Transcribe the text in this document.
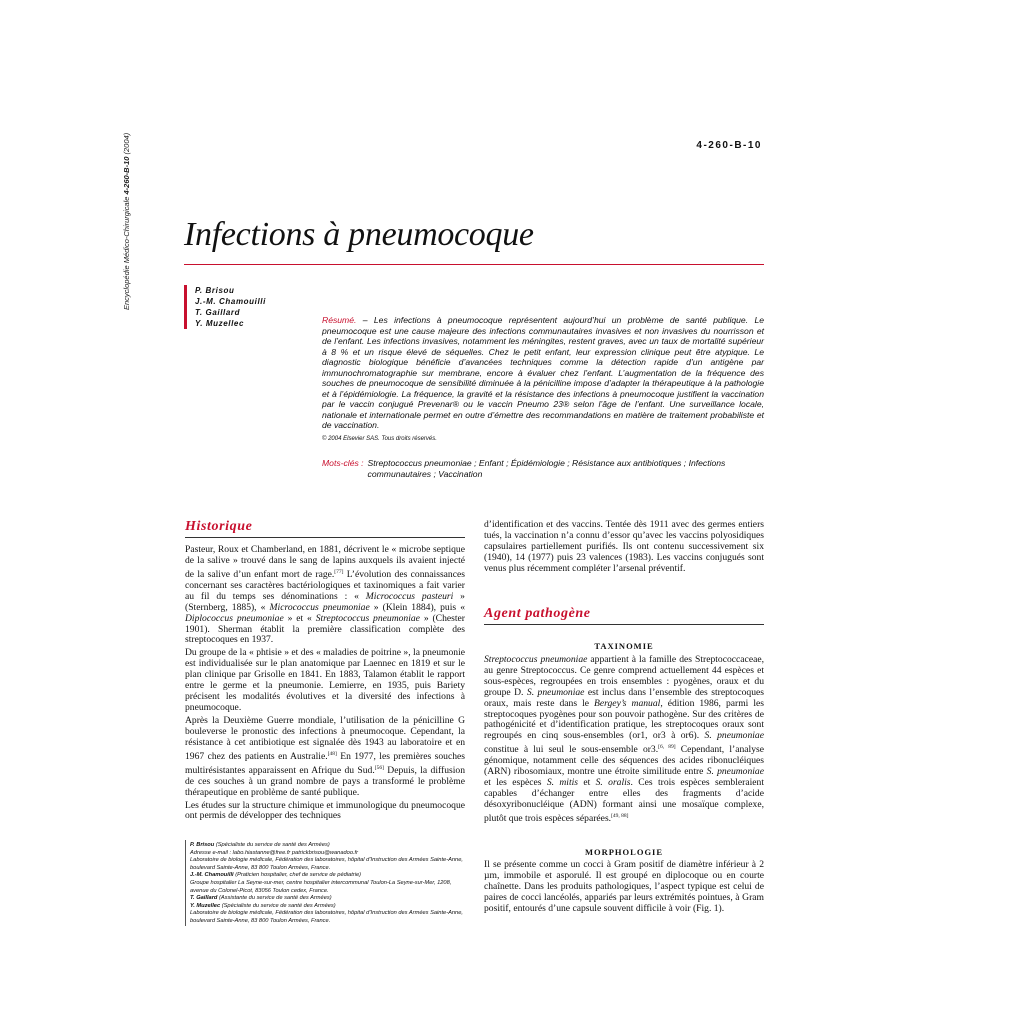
Encyclopédie Médico-Chirurgicale 4-260-B-10 (2004)	4-260-B-10
Infections à pneumocoque
P. Brisou
J.-M. Chamouilli
T. Gaillard
Y. Muzellec	Résumé. – Les infections à pneumocoque représentent aujourd’hui un problème de santé publique. Le pneumocoque est une cause majeure des infections communautaires invasives et non invasives du nourrisson et de l’enfant. Les infections invasives, notamment les méningites, restent graves, avec un taux de mortalité supérieur à 8 % et un risque élevé de séquelles. Chez le petit enfant, leur expression clinique peut être atypique. Le diagnostic biologique bénéficie d’avancées techniques comme la détection rapide d’un antigène par immunochromatographie sur membrane, encore à évaluer chez l’enfant. L’augmentation de la fréquence des souches de pneumocoque de sensibilité diminuée à la pénicilline impose d’adapter la thérapeutique à la pathologie et à l’épidémiologie. La fréquence, la gravité et la résistance des infections à pneumocoque justifient la vaccination par le vaccin conjugué Prevenar® ou le vaccin Pneumo 23® selon l’âge de l’enfant. Une surveillance locale, nationale et internationale permet en outre d’émettre des recommandations en matière de traitement probabiliste et de vaccination.
© 2004 Elsevier SAS. Tous droits réservés.
Mots-clés : Streptococcus pneumoniae ; Enfant ; Épidémiologie ; Résistance aux antibiotiques ; Infections communautaires ; Vaccination
Historique

Pasteur, Roux et Chamberland, en 1881, décrivent le « microbe septique de la salive » trouvé dans le sang de lapins auxquels ils avaient injecté de la salive d’un enfant mort de rage.[77] L’évolution des connaissances concernant ses caractères bactériologiques et taxinomiques a fait varier au fil du temps ses dénominations : « Micrococcus pasteuri » (Sternberg, 1885), « Micrococcus pneumoniae » (Klein 1884), puis « Diplococcus pneumoniae » et « Streptococcus pneumoniae » (Chester 1901). Sherman établit la première classification complète des streptocoques en 1937.

Du groupe de la « phtisie » et des « maladies de poitrine », la pneumonie est individualisée sur le plan anatomique par Laennec en 1819 et sur le plan clinique par Grisolle en 1841. En 1883, Talamon établit le rapport entre le germe et la pneumonie. Lemierre, en 1935, puis Bariety précisent les modalités évolutives et la diversité des infections à pneumocoque.

Après la Deuxième Guerre mondiale, l’utilisation de la pénicilline G bouleverse le pronostic des infections à pneumocoque. Cependant, la résistance à cet antibiotique est signalée dès 1943 au laboratoire et en 1967 chez des patients en Australie.[48] En 1977, les premières souches multirésistantes apparaissent en Afrique du Sud.[56] Depuis, la diffusion de ces souches à un grand nombre de pays a transformé le problème thérapeutique en problème de santé publique.

Les études sur la structure chimique et immunologique du pneumocoque ont permis de développer des techniques

d’identification et des vaccins. Tentée dès 1911 avec des germes entiers tués, la vaccination n’a connu d’essor qu’avec les vaccins polyosidiques capsulaires partiellement purifiés. Ils ont contenu successivement six (1940), 14 (1977) puis 23 valences (1983). Les vaccins conjugués sont venus plus récemment compléter l’arsenal préventif.

Agent pathogène
TAXINOMIE

Streptococcus pneumoniae appartient à la famille des Streptococcaceae, au genre Streptococcus. Ce genre comprend actuellement 44 espèces et sous-espèces, regroupées en trois ensembles : pyogènes, oraux et du groupe D. S. pneumoniae est inclus dans l’ensemble des streptocoques oraux, mais reste dans le Bergey’s manual, édition 1986, parmi les streptocoques pyogènes pour son pouvoir pathogène. Sur des critères de pathogénicité et d’identification pratique, les streptocoques oraux sont regroupés en cinq sous-ensembles (or1, or3 à or6). S. pneumoniae constitue à lui seul le sous-ensemble or3.[6, 89] Cependant, l’analyse génomique, notamment celle des séquences des acides ribonucléiques (ARN) ribosomiaux, montre une étroite similitude entre S. pneumoniae et les espèces S. mitis et S. oralis. Ces trois espèces sembleraient capables d’échanger entre elles des fragments d’acide désoxyribonucléique (ADN) formant ainsi une mosaïque complexe, plutôt que trois espèces séparées.[49, 88]

MORPHOLOGIE

Il se présente comme un cocci à Gram positif de diamètre inférieur à 2 µm, immobile et asporulé. Il est groupé en diplocoque ou en courte chaînette. Dans les produits pathologiques, l’aspect typique est celui de paires de cocci lancéolés, appariés par leurs extrémités pointues, à Gram positif, entourés d’une capsule souvent difficile à voir (Fig. 1).

P. Brisou (Spécialiste du service de santé des Armées)
Adresse e-mail : labo.hiastanne@free.fr patrickbrisou@wanadoo.fr
Laboratoire de biologie médicale, Fédération des laboratoires, hôpital d’Instruction des Armées Sainte-Anne, boulevard Sainte-Anne, 83 800 Toulon Armées, France.
J.-M. Chamouilli (Praticien hospitalier, chef de service de pédiatrie)
Groupe hospitalier La Seyne-sur-mer, centre hospitalier intercommunal Toulon-La Seyne-sur-Mer, 1208, avenue du Colonel-Picot, 83056 Toulon cedex, France.
T. Gaillard (Assistante du service de santé des Armées)
Y. Muzellec (Spécialiste du service de santé des Armées)
Laboratoire de biologie médicale, Fédération des laboratoires, hôpital d’Instruction des Armées Sainte-Anne, boulevard Sainte-Anne, 83 800 Toulon Armées, France.
